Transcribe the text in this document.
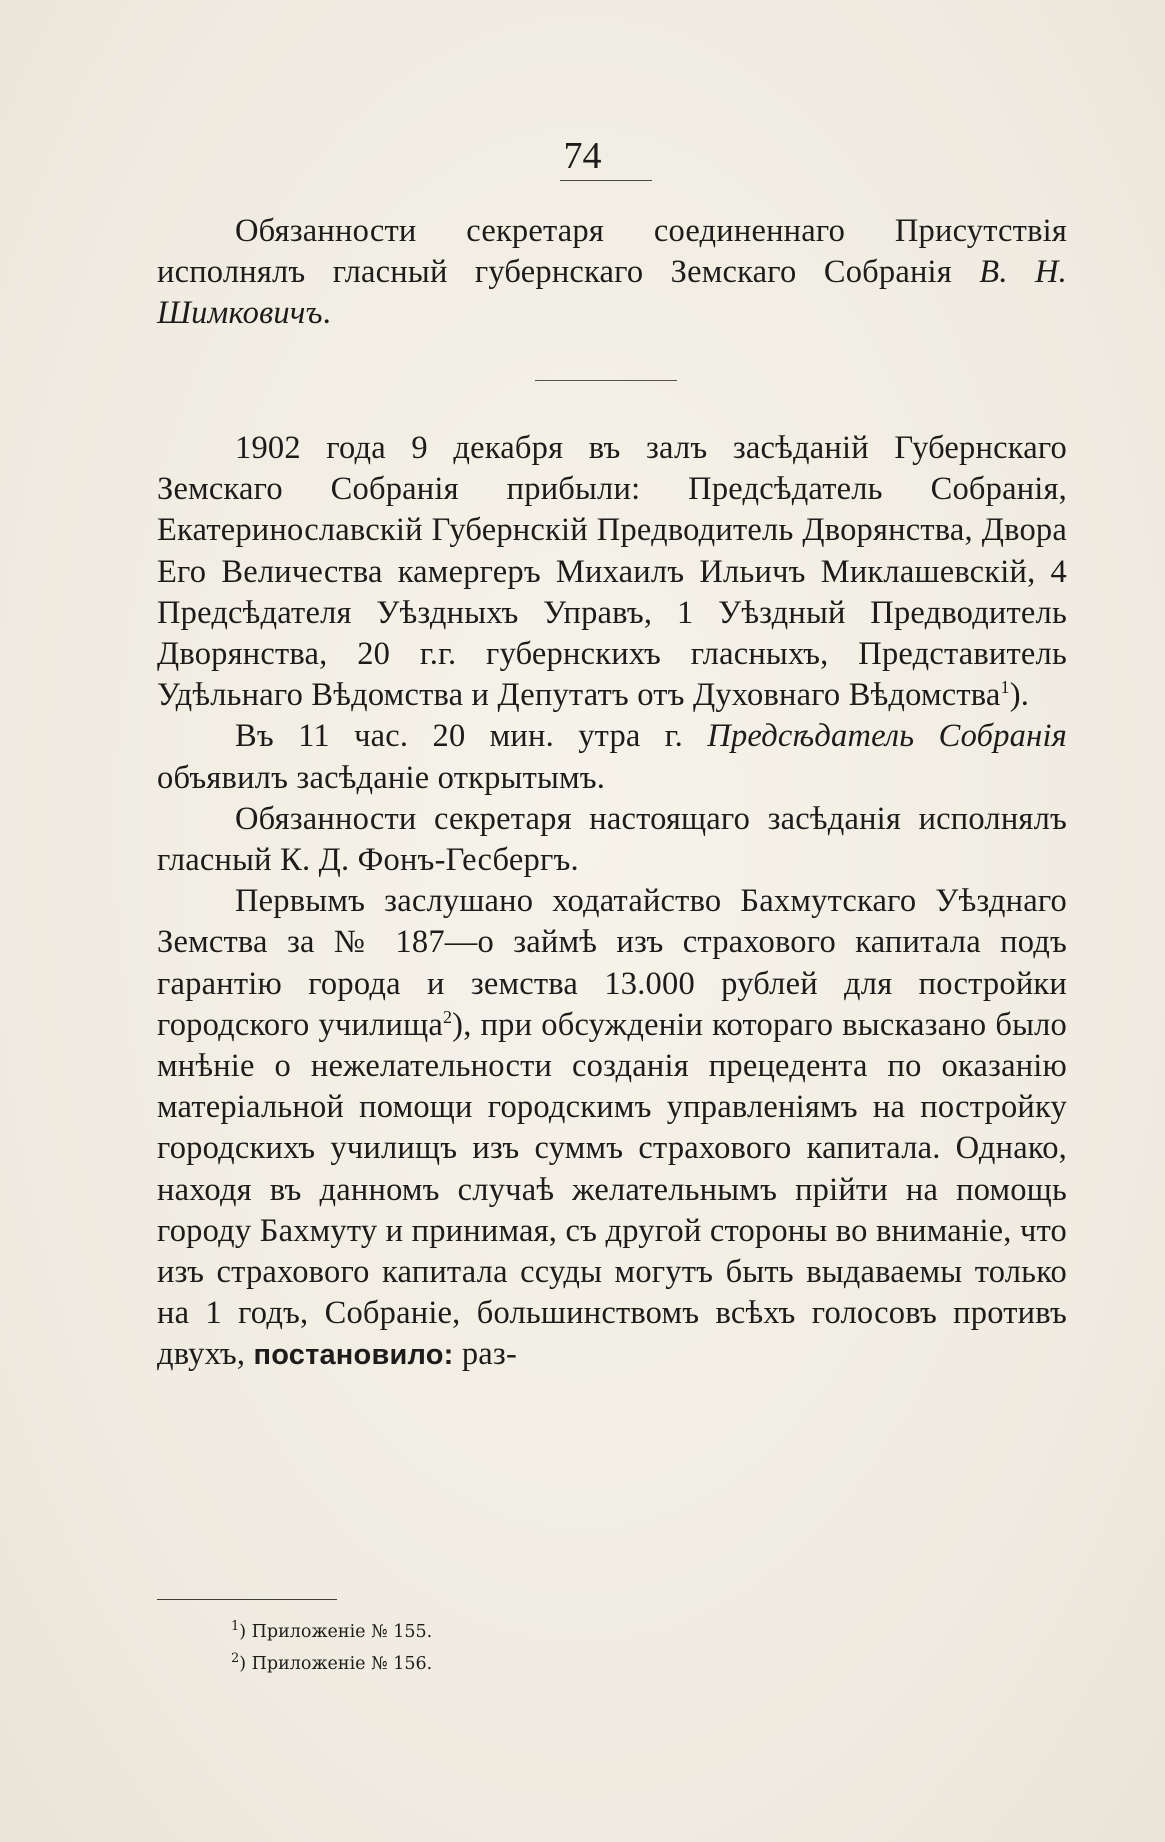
74

Обязанности секретаря соединеннаго Присутствія исполнялъ гласный губернскаго Земскаго Собранія В. Н. Шимковичъ.

1902 года 9 декабря въ залъ засѣданій Губернскаго Земскаго Собранія прибыли: Предсѣдатель Собранія, Екатеринославскій Губернскій Предводитель Дворянства, Двора Его Величества камергеръ Михаилъ Ильичъ Миклашевскій, 4 Предсѣдателя Уѣздныхъ Управъ, 1 Уѣздный Предводитель Дворянства, 20 г.г. губернскихъ гласныхъ, Представитель Удѣльнаго Вѣдомства и Депутатъ отъ Духовнаго Вѣдомства$^1$).

Въ 11 час. 20 мин. утра г. Предсѣдатель Собранія объявилъ засѣданіе открытымъ.

Обязанности секретаря настоящаго засѣданія исполнялъ гласный К. Д. Фонъ-Гесбергъ.

Первымъ заслушано ходатайство Бахмутскаго Уѣзднаго Земства за № 187—о займѣ изъ страхового капитала подъ гарантію города и земства 13.000 рублей для постройки городского училища$^2$), при обсужденіи котораго высказано было мнѣніе о нежелательности созданія прецедента по оказанію матеріальной помощи городскимъ управленіямъ на постройку городскихъ училищъ изъ суммъ страхового капитала. Однако, находя въ данномъ случаѣ желательнымъ прійти на помощь городу Бахмуту и принимая, съ другой стороны во вниманіе, что изъ страхового капитала ссуды могутъ быть выдаваемы только на 1 годъ, Собраніе, большинствомъ всѣхъ голосовъ противъ двухъ, постановило: раз-

$^1$) Приложеніе № 155.
$^2$) Приложеніе № 156.
